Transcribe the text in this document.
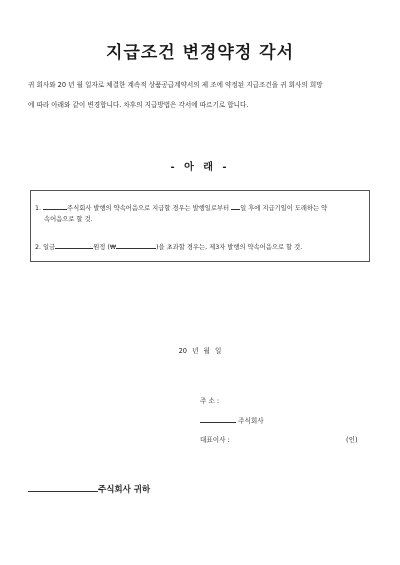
지급조건 변경약정 각서
귀 회사와 20 년 월 일자로 체결한 계속적 상품공급계약서의 제 조에 약정된 지급조건을 귀 회사의 희망
에 따라 아래와 같이 변경합니다. 차후의 지급방법은 각서에 따르기로 합니다.
- 아 래 -
1.	주식회사 발행의 약속어음으로 지급할 경우는 발행일로부터 일 후에 지급기일이 도래하는 약
속어음으로 할 것.
2. 일금	원정 (₩	)을 초과할 경우는, 제3자 발행의 약속어음으로 할 것.
20 년 월 일
주 소 :
주식회사
대표이사 :	(인)
주식회사 귀하
